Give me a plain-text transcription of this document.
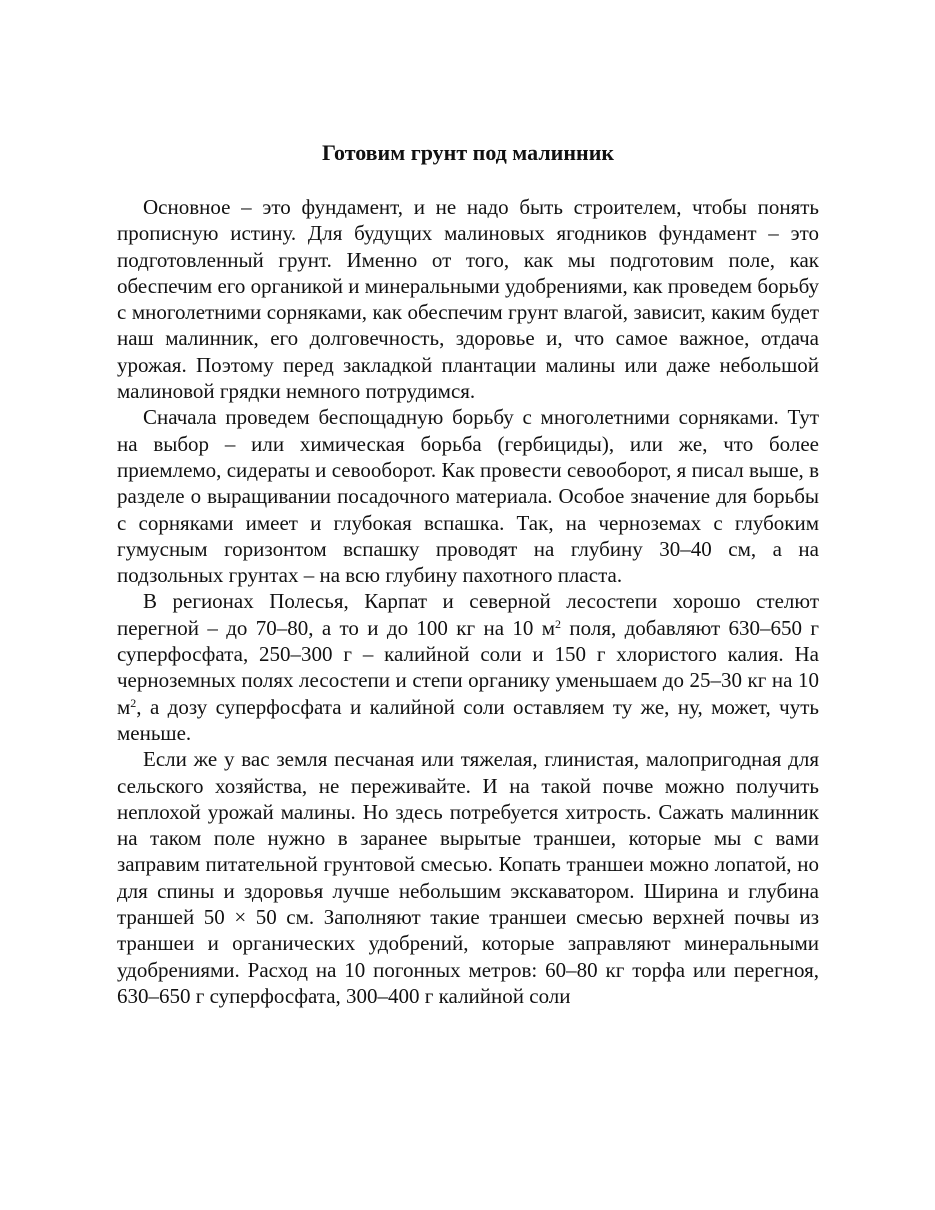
Готовим грунт под малинник

Основное – это фундамент, и не надо быть строителем, чтобы понять прописную истину. Для будущих малиновых ягодников фундамент – это подготовленный грунт. Именно от того, как мы подготовим поле, как обеспечим его органикой и минеральными удобрениями, как проведем борьбу с многолетними сорняками, как обеспечим грунт влагой, зависит, каким будет наш малинник, его долговечность, здоровье и, что самое важное, отдача урожая. Поэтому перед закладкой плантации малины или даже небольшой малиновой грядки немного потрудимся.

Сначала проведем беспощадную борьбу с многолетними сорняками. Тут на выбор – или химическая борьба (гербициды), или же, что более приемлемо, сидераты и севооборот. Как провести севооборот, я писал выше, в разделе о выращивании посадочного материала. Особое значение для борьбы с сорняками имеет и глубокая вспашка. Так, на черноземах с глубоким гумусным горизонтом вспашку проводят на глубину 30–40 см, а на подзольных грунтах – на всю глубину пахотного пласта.

В регионах Полесья, Карпат и северной лесостепи хорошо стелют перегной – до 70–80, а то и до 100 кг на 10 $м^2$ поля, добавляют 630–650 г суперфосфата, 250–300 г – калийной соли и 150 г хлористого калия. На черноземных полях лесостепи и степи органику уменьшаем до 25–30 кг на 10 $м^2$, а дозу суперфосфата и калийной соли оставляем ту же, ну, может, чуть меньше.

Если же у вас земля песчаная или тяжелая, глинистая, малопригодная для сельского хозяйства, не переживайте. И на такой почве можно получить неплохой урожай малины. Но здесь потребуется хитрость. Сажать малинник на таком поле нужно в заранее вырытые траншеи, которые мы с вами заправим питательной грунтовой смесью. Копать траншеи можно лопатой, но для спины и здоровья лучше небольшим экскаватором. Ширина и глубина траншей 50 × 50 см. Заполняют такие траншеи смесью верхней почвы из траншеи и органических удобрений, которые заправляют минеральными удобрениями. Расход на 10 погонных метров: 60–80 кг торфа или перегноя, 630–650 г суперфосфата, 300–400 г калийной соли
